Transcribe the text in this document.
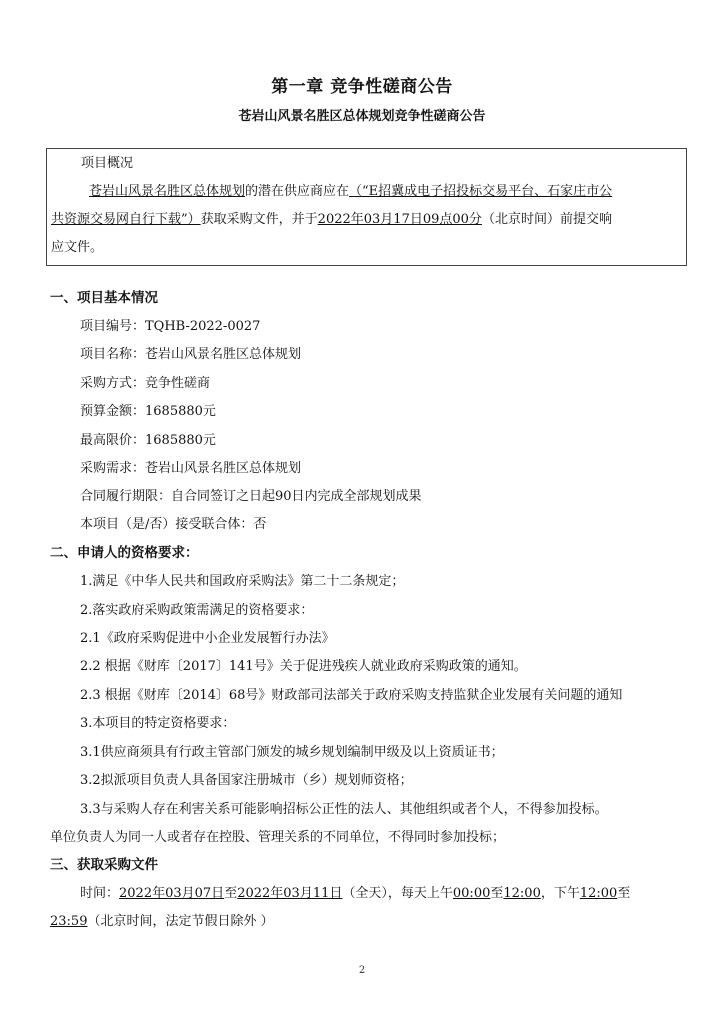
第一章 竞争性磋商公告
苍岩山风景名胜区总体规划竞争性磋商公告
项目概况
苍岩山风景名胜区总体规划的潜在供应商应在（“E招冀成电子招投标交易平台、石家庄市公
共资源交易网自行下载”）获取采购文件，并于2022年03月17日09点00分（北京时间）前提交响
应文件。
一、项目基本情况
项目编号：TQHB-2022-0027
项目名称：苍岩山风景名胜区总体规划
采购方式：竞争性磋商
预算金额：1685880元
最高限价：1685880元
采购需求：苍岩山风景名胜区总体规划
合同履行期限：自合同签订之日起90日内完成全部规划成果
本项目（是/否）接受联合体：否
二、申请人的资格要求：
1.满足《中华人民共和国政府采购法》第二十二条规定；
2.落实政府采购政策需满足的资格要求：
2.1《政府采购促进中小企业发展暂行办法》
2.2 根据《财库〔2017〕141号》关于促进残疾人就业政府采购政策的通知。
2.3 根据《财库〔2014〕68号》财政部司法部关于政府采购支持监狱企业发展有关问题的通知
3.本项目的特定资格要求：
3.1供应商须具有行政主管部门颁发的城乡规划编制甲级及以上资质证书；
3.2拟派项目负责人具备国家注册城市（乡）规划师资格；
3.3与采购人存在利害关系可能影响招标公正性的法人、其他组织或者个人，不得参加投标。
单位负责人为同一人或者存在控股、管理关系的不同单位，不得同时参加投标；
三、获取采购文件
时间：2022年03月07日至2022年03月11日（全天），每天上午00:00至12:00，下午12:00至
23:59（北京时间，法定节假日除外 ）
2
